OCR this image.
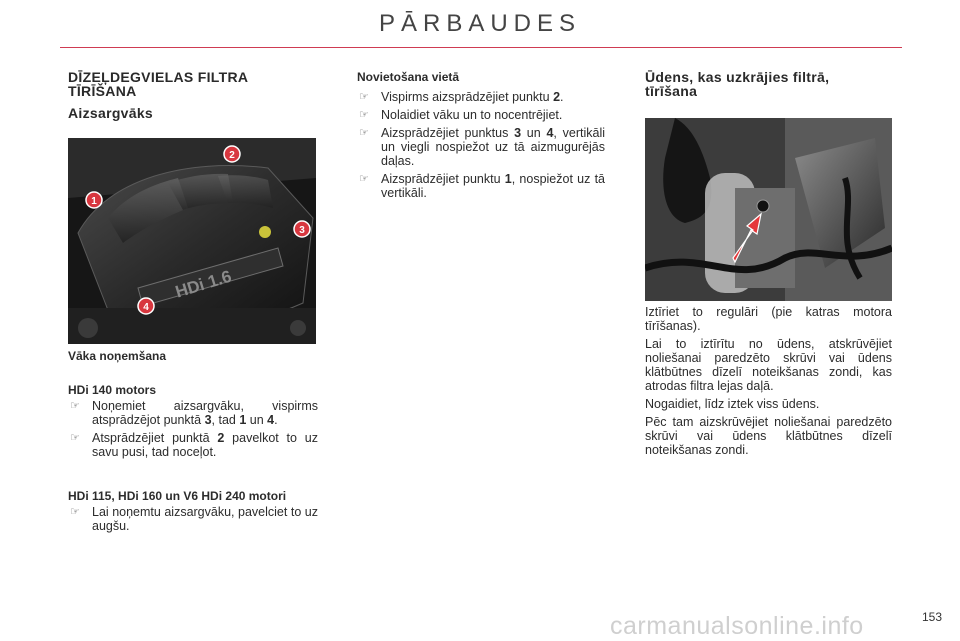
PĀRBAUDES
DĪZEĻDEGVIELAS FILTRA TĪRĪŠANA
Aizsargvāks
HDi 1.6
1
2
3
4

Vāka noņemšana

HDi 140 motors

☞ Noņemiet aizsargvāku, vispirms atsprādzējot punktā 3, tad 1 un 4.
☞ Atsprādzējiet punktā 2 pavelkot to uz savu pusi, tad noceļot.

HDi 115, HDi 160 un V6 HDi 240 motori

☞ Lai noņemtu aizsargvāku, pavelciet to uz augšu.

Novietošana vietā

☞ Vispirms aizsprādzējiet punktu 2.
☞ Nolaidiet vāku un to nocentrējiet.
☞ Aizsprādzējiet punktus 3 un 4, vertikāli un viegli nospiežot uz tā aizmugurējās daļas.
☞ Aizsprādzējiet punktu 1, nospiežot uz tā vertikāli.
Ūdens, kas uzkrājies filtrā,
tīrīšana

Iztīriet to regulāri (pie katras motora tīrīšanas).

Lai to iztīrītu no ūdens, atskrūvējiet noliešanai paredzēto skrūvi vai ūdens klātbūtnes dīzelī noteikšanas zondi, kas atrodas filtra lejas daļā.

Nogaidiet, līdz iztek viss ūdens.

Pēc tam aizskrūvējiet noliešanai paredzēto skrūvi vai ūdens klātbūtnes dīzelī noteikšanas zondi.

carmanualsonline.info	153
